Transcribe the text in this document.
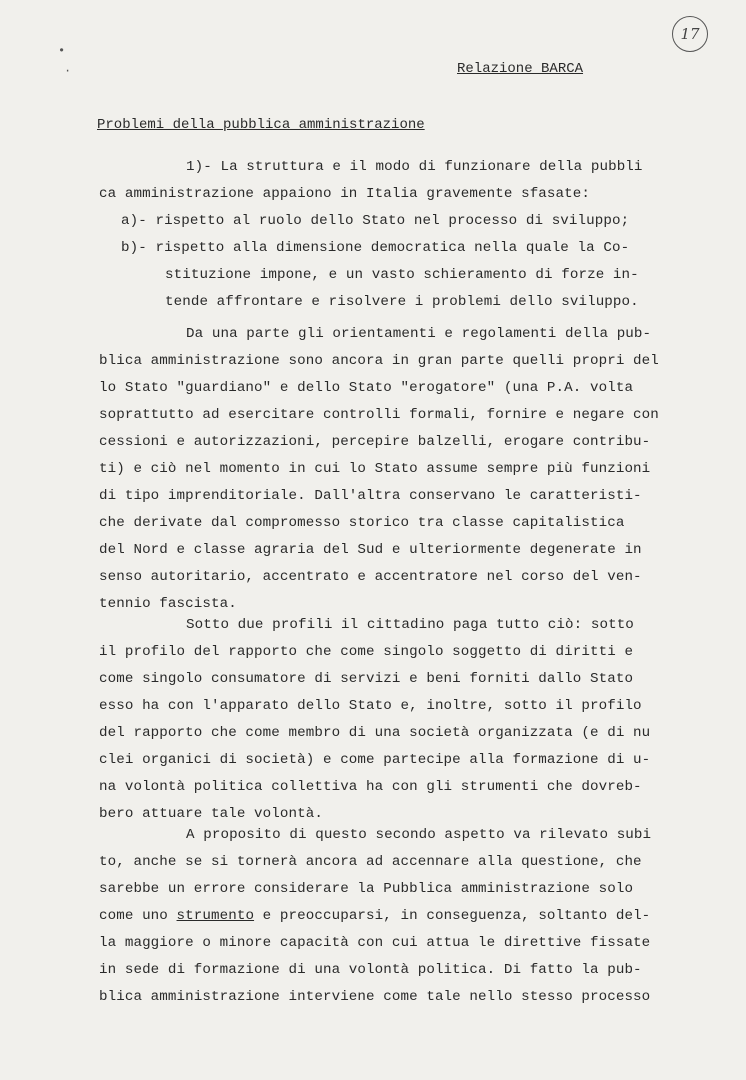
17
•
·	Relazione BARCA
Problemi della pubblica amministrazione
1)- La struttura e il modo di funzionare della pubbli
ca amministrazione appaiono in Italia gravemente sfasate:
a)- rispetto al ruolo dello Stato nel processo di sviluppo;
b)- rispetto alla dimensione democratica nella quale la Co-
stituzione impone, e un vasto schieramento di forze in-
tende affrontare e risolvere i problemi dello sviluppo.
Da una parte gli orientamenti e regolamenti della pub-
blica amministrazione sono ancora in gran parte quelli propri del
lo Stato "guardiano" e dello Stato "erogatore" (una P.A. volta
soprattutto ad esercitare controlli formali, fornire e negare con
cessioni e autorizzazioni, percepire balzelli, erogare contribu-
ti) e ciò nel momento in cui lo Stato assume sempre più funzioni
di tipo imprenditoriale. Dall'altra conservano le caratteristi-
che derivate dal compromesso storico tra classe capitalistica
del Nord e classe agraria del Sud e ulteriormente degenerate in
senso autoritario, accentrato e accentratore nel corso del ven-
tennio fascista.
Sotto due profili il cittadino paga tutto ciò: sotto
il profilo del rapporto che come singolo soggetto di diritti e
come singolo consumatore di servizi e beni forniti dallo Stato
esso ha con l'apparato dello Stato e, inoltre, sotto il profilo
del rapporto che come membro di una società organizzata (e di nu
clei organici di società) e come partecipe alla formazione di u-
na volontà politica collettiva ha con gli strumenti che dovreb-
bero attuare tale volontà.
A proposito di questo secondo aspetto va rilevato subi
to, anche se si tornerà ancora ad accennare alla questione, che
sarebbe un errore considerare la Pubblica amministrazione solo
come uno strumento e preoccuparsi, in conseguenza, soltanto del-
la maggiore o minore capacità con cui attua le direttive fissate
in sede di formazione di una volontà politica. Di fatto la pub-
blica amministrazione interviene come tale nello stesso processo
